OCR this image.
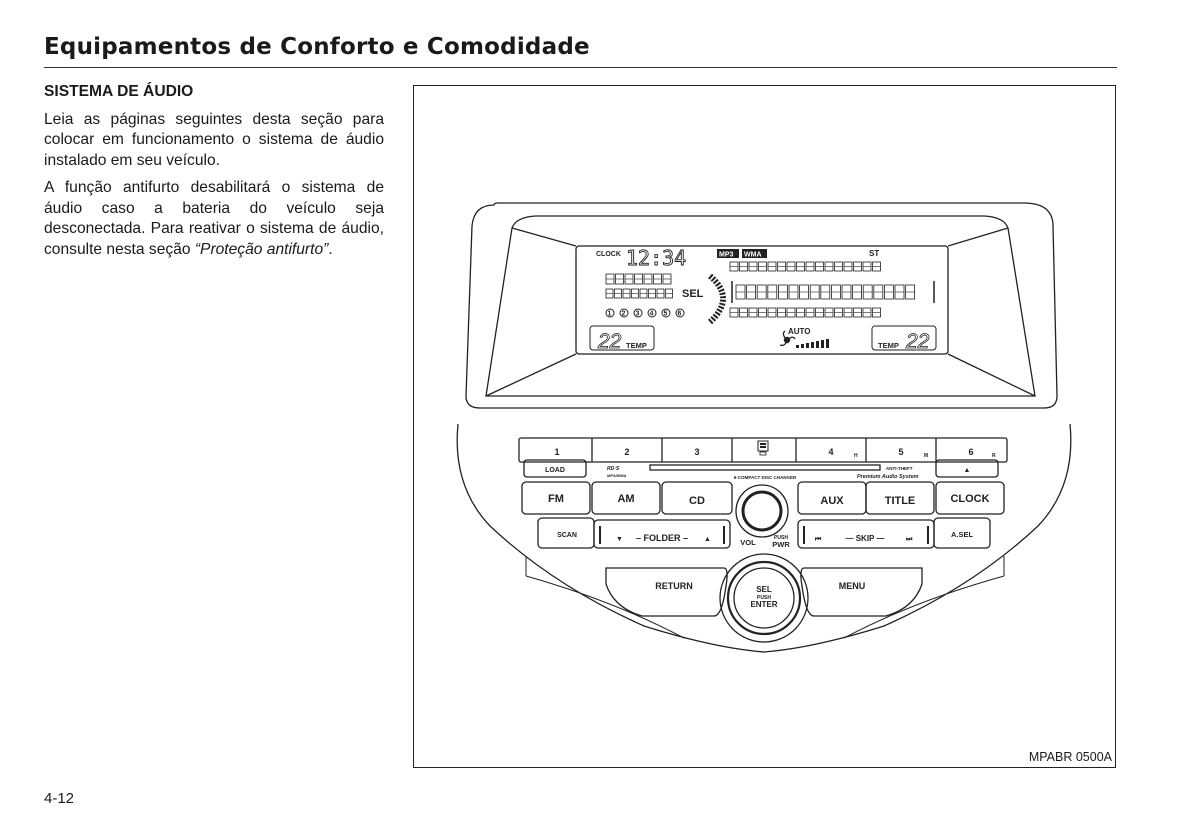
Equipamentos de Conforto e Comodidade
SISTEMA DE ÁUDIO

Leia as páginas seguintes desta seção para colocar em funcionamento o sistema de áudio instalado em seu veículo.

A função antifurto desabilitará o sistema de áudio caso a bateria do veículo seja desconectada. Para reativar o sistema de áudio, consulte nesta seção “Proteção antifurto”.	CLOCK 12:34	MP3 WMA	ST
SEL
AUTO
22 TEMP	TEMP 22
1 2 3 4 5 6
1	2	3	4	H	5	M	6	R
LOAD	▲
RD·S
MP3/WMA	6-COMPACT DISC CHANGER
ANTI-THEFT
Premium Audio System
FM	AM	CD	AUX	TITLE	CLOCK
SCAN
▼ – FOLDER – ▲	VOL	PUSH
PWR
⏮	— SKIP —	⏭
A.SEL
RETURN	MENU
SEL
PUSH
ENTER
MPABR 0500A
4-12
